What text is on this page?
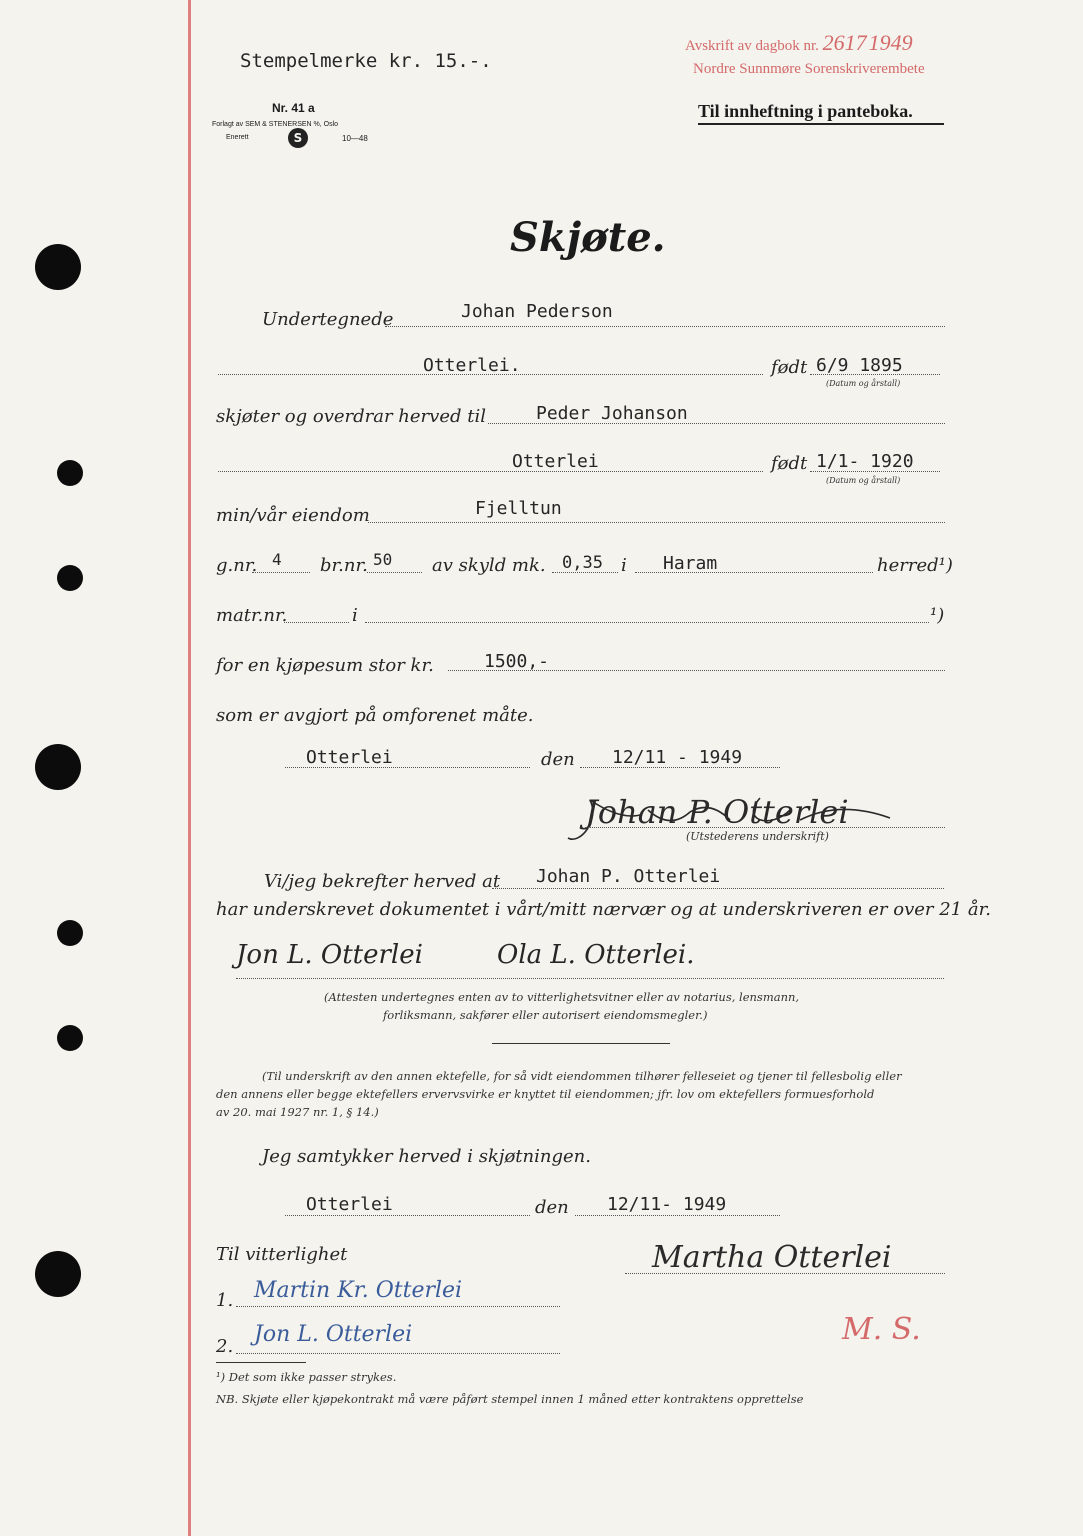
Stempelmerke kr. 15.-.
Nr. 41 a
Forlagt av SEM & STENERSEN %, Oslo
Enerett	S	10—48
Avskrift av dagbok nr. 26171949
Nordre Sunnmøre Sorenskriverembete
Til innheftning i panteboka.
Skjøte.
Undertegnede	Johan Pederson
Otterlei.	født 6/9 1895
(Datum og årstall)
skjøter og overdrar herved til	Peder Johanson
Otterlei	født 1/1- 1920
(Datum og årstall)
min/vår eiendom	Fjelltun
g.nr. 4 br.nr. 50 av skyld mk. 0,35 i Haram	herred¹)
matr.nr.	i	¹)
for en kjøpesum stor kr.	1500,-
som er avgjort på omforenet måte.
Otterlei	den 12/11 - 1949
Johan P. Otterlei
(Utstederens underskrift)
Vi/jeg bekrefter herved at Johan P. Otterlei
har underskrevet dokumentet i vårt/mitt nærvær og at underskriveren er over 21 år.
Jon L. Otterlei	Ola L. Otterlei.
(Attesten undertegnes enten av to vitterlighetsvitner eller av notarius, lensmann,
forliksmann, sakfører eller autorisert eiendomsmegler.)
(Til underskrift av den annen ektefelle, for så vidt eiendommen tilhører felleseiet og tjener til fellesbolig eller
den annens eller begge ektefellers ervervsvirke er knyttet til eiendommen; jfr. lov om ektefellers formuesforhold
av 20. mai 1927 nr. 1, § 14.)
Jeg samtykker herved i skjøtningen.
Otterlei	den 12/11- 1949
Til vitterlighet	Martha Otterlei
1. Martin Kr. Otterlei
2. Jon L. Otterlei	M. S.
¹) Det som ikke passer strykes.
NB. Skjøte eller kjøpekontrakt må være påført stempel innen 1 måned etter kontraktens opprettelse
